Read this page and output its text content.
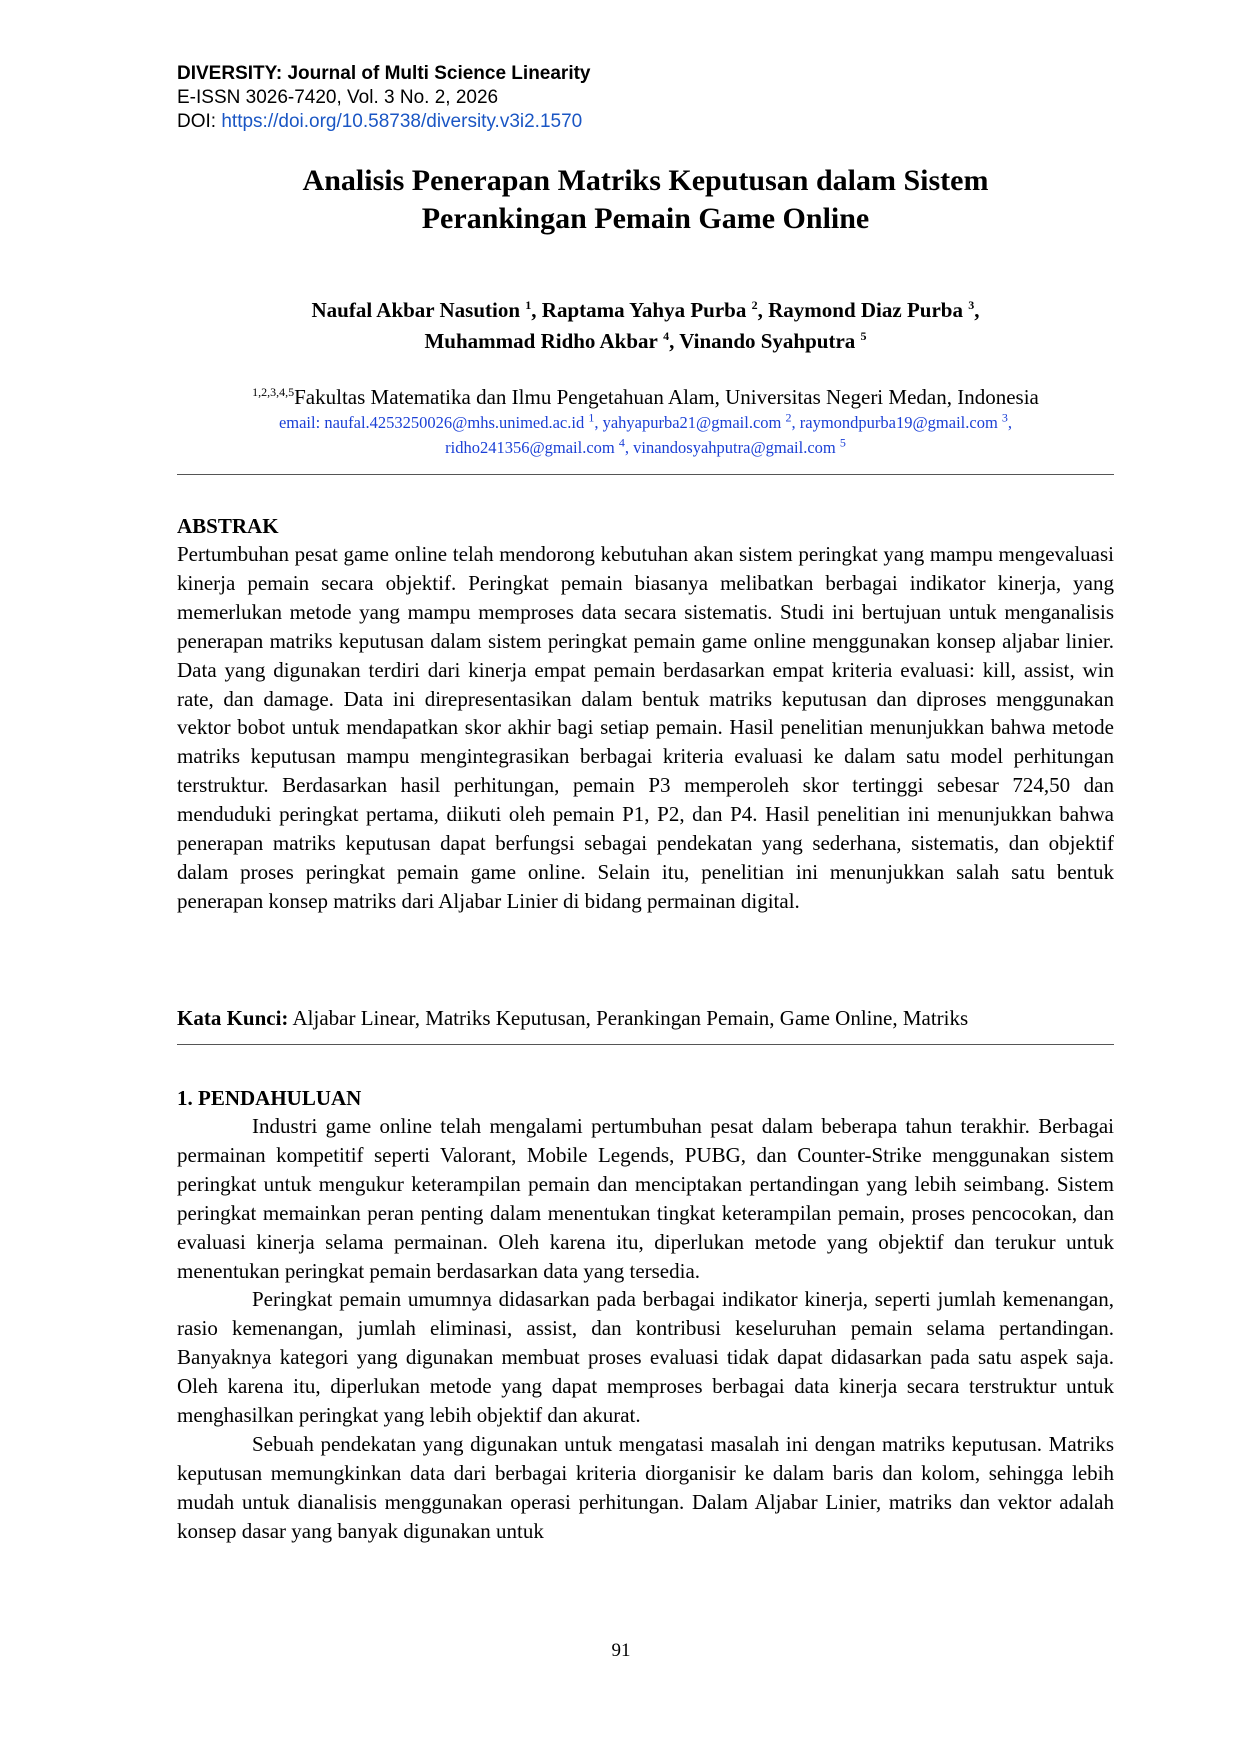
DIVERSITY: Journal of Multi Science Linearity
E-ISSN 3026-7420, Vol. 3 No. 2, 2026
DOI: https://doi.org/10.58738/diversity.v3i2.1570
Analisis Penerapan Matriks Keputusan dalam Sistem
Perankingan Pemain Game Online
Naufal Akbar Nasution $^1$, Raptama Yahya Purba $^2$, Raymond Diaz Purba $^3$,
Muhammad Ridho Akbar $^4$, Vinando Syahputra $^5$
$^{1,2,3,4,5}$Fakultas Matematika dan Ilmu Pengetahuan Alam, Universitas Negeri Medan, Indonesia
email: naufal.4253250026@mhs.unimed.ac.id $^1$, yahyapurba21@gmail.com $^2$, raymondpurba19@gmail.com $^3$,
ridho241356@gmail.com $^4$, vinandosyahputra@gmail.com $^5$
ABSTRAK

Pertumbuhan pesat game online telah mendorong kebutuhan akan sistem peringkat yang mampu mengevaluasi kinerja pemain secara objektif. Peringkat pemain biasanya melibatkan berbagai indikator kinerja, yang memerlukan metode yang mampu memproses data secara sistematis. Studi ini bertujuan untuk menganalisis penerapan matriks keputusan dalam sistem peringkat pemain game online menggunakan konsep aljabar linier. Data yang digunakan terdiri dari kinerja empat pemain berdasarkan empat kriteria evaluasi: kill, assist, win rate, dan damage. Data ini direpresentasikan dalam bentuk matriks keputusan dan diproses menggunakan vektor bobot untuk mendapatkan skor akhir bagi setiap pemain. Hasil penelitian menunjukkan bahwa metode matriks keputusan mampu mengintegrasikan berbagai kriteria evaluasi ke dalam satu model perhitungan terstruktur. Berdasarkan hasil perhitungan, pemain P3 memperoleh skor tertinggi sebesar 724,50 dan menduduki peringkat pertama, diikuti oleh pemain P1, P2, dan P4. Hasil penelitian ini menunjukkan bahwa penerapan matriks keputusan dapat berfungsi sebagai pendekatan yang sederhana, sistematis, dan objektif dalam proses peringkat pemain game online. Selain itu, penelitian ini menunjukkan salah satu bentuk penerapan konsep matriks dari Aljabar Linier di bidang permainan digital.

Kata Kunci: Aljabar Linear, Matriks Keputusan, Perankingan Pemain, Game Online, Matriks
1. PENDAHULUAN

Industri game online telah mengalami pertumbuhan pesat dalam beberapa tahun terakhir. Berbagai permainan kompetitif seperti Valorant, Mobile Legends, PUBG, dan Counter-Strike menggunakan sistem peringkat untuk mengukur keterampilan pemain dan menciptakan pertandingan yang lebih seimbang. Sistem peringkat memainkan peran penting dalam menentukan tingkat keterampilan pemain, proses pencocokan, dan evaluasi kinerja selama permainan. Oleh karena itu, diperlukan metode yang objektif dan terukur untuk menentukan peringkat pemain berdasarkan data yang tersedia.

Peringkat pemain umumnya didasarkan pada berbagai indikator kinerja, seperti jumlah kemenangan, rasio kemenangan, jumlah eliminasi, assist, dan kontribusi keseluruhan pemain selama pertandingan. Banyaknya kategori yang digunakan membuat proses evaluasi tidak dapat didasarkan pada satu aspek saja. Oleh karena itu, diperlukan metode yang dapat memproses berbagai data kinerja secara terstruktur untuk menghasilkan peringkat yang lebih objektif dan akurat.

Sebuah pendekatan yang digunakan untuk mengatasi masalah ini dengan matriks keputusan. Matriks keputusan memungkinkan data dari berbagai kriteria diorganisir ke dalam baris dan kolom, sehingga lebih mudah untuk dianalisis menggunakan operasi perhitungan. Dalam Aljabar Linier, matriks dan vektor adalah konsep dasar yang banyak digunakan untuk

91
